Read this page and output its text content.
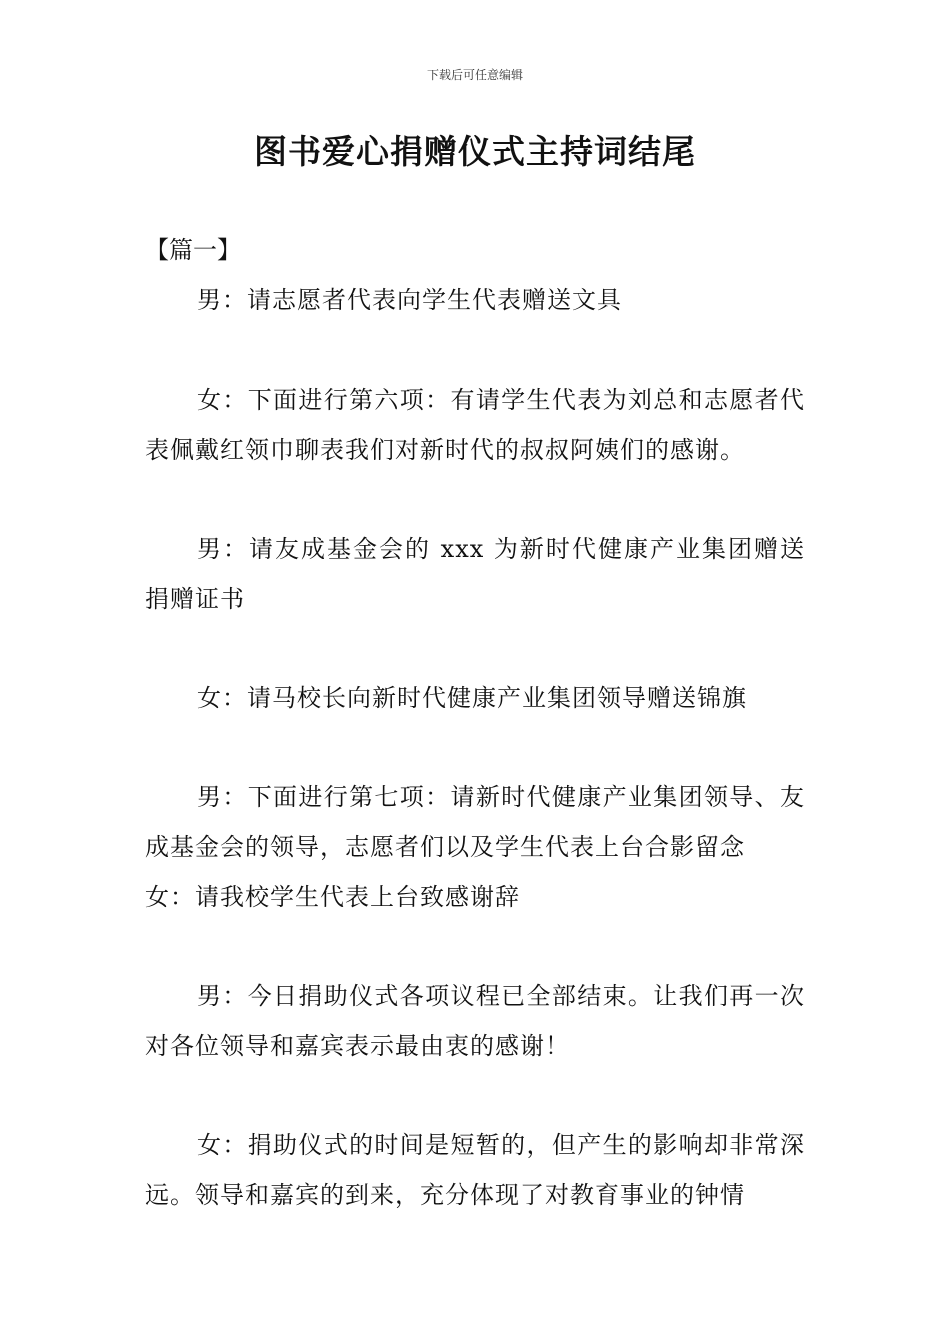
下载后可任意编辑
图书爱心捐赠仪式主持词结尾
【篇一】

男：请志愿者代表向学生代表赠送文具

女：下面进行第六项：有请学生代表为刘总和志愿者代表佩戴红领巾聊表我们对新时代的叔叔阿姨们的感谢。

男：请友成基金会的 xxx 为新时代健康产业集团赠送捐赠证书

女：请马校长向新时代健康产业集团领导赠送锦旗

男：下面进行第七项：请新时代健康产业集团领导、友成基金会的领导，志愿者们以及学生代表上台合影留念

女：请我校学生代表上台致感谢辞

男：今日捐助仪式各项议程已全部结束。让我们再一次对各位领导和嘉宾表示最由衷的感谢！

女：捐助仪式的时间是短暂的，但产生的影响却非常深远。领导和嘉宾的到来，充分体现了对教育事业的钟情
